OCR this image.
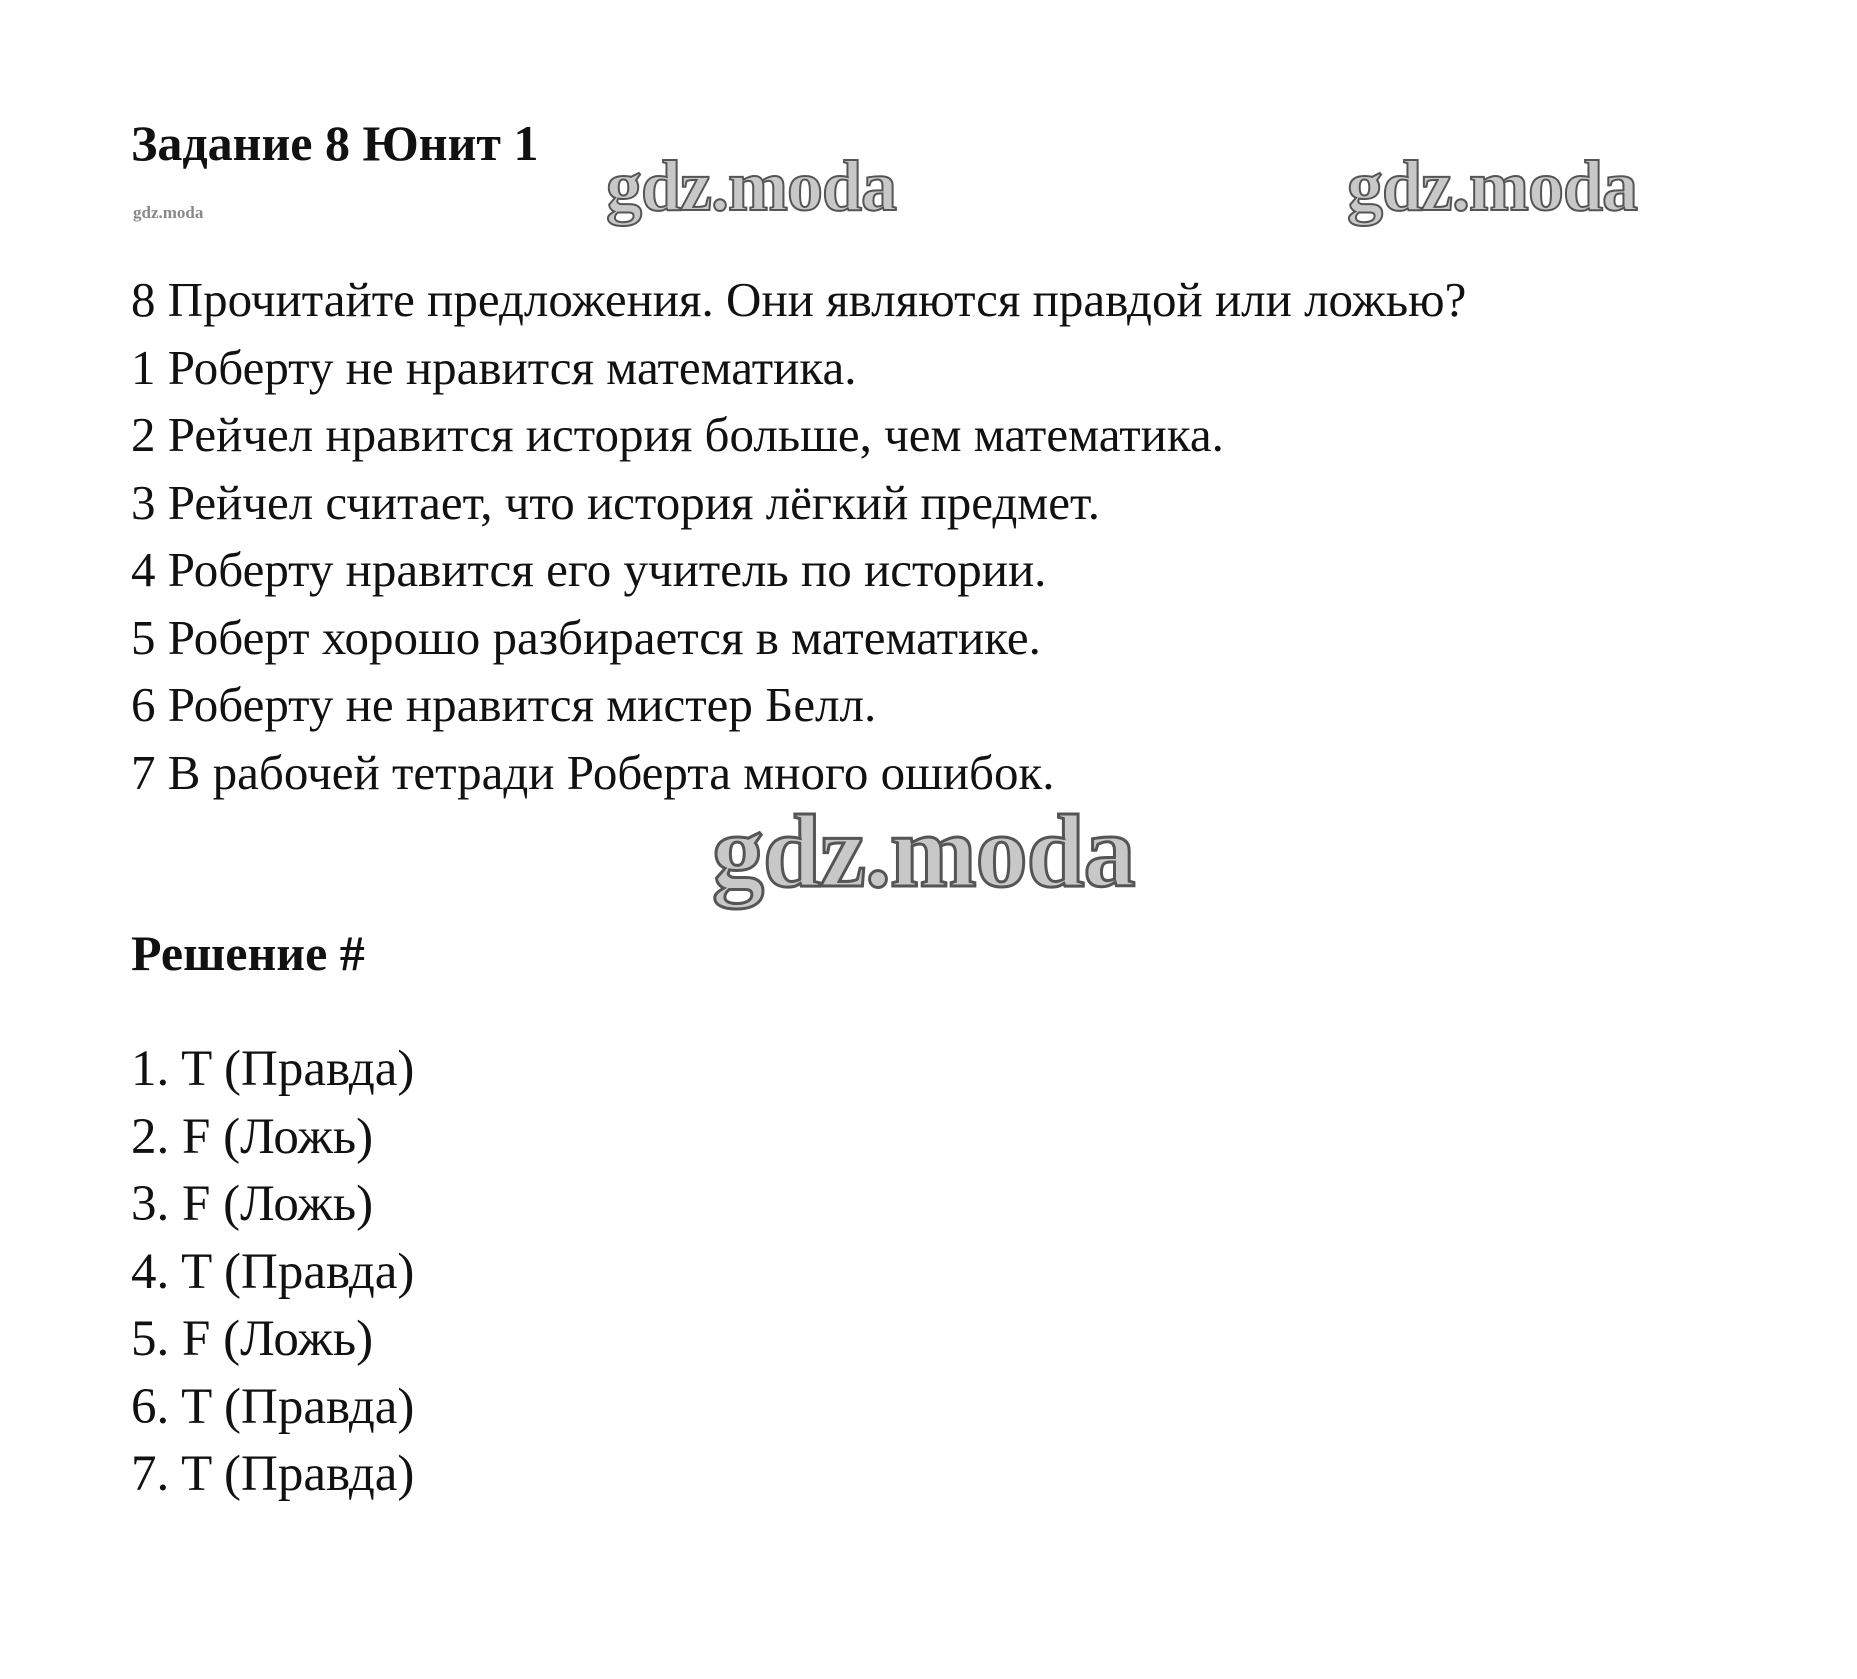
Задание 8 Юнит 1
gdz.moda	gdz.moda	gdz.moda
8 Прочитайте предложения. Они являются правдой или ложью?
1 Роберту не нравится математика.
2 Рейчел нравится история больше, чем математика.
3 Рейчел считает, что история лёгкий предмет.
4 Роберту нравится его учитель по истории.
5 Роберт хорошо разбирается в математике.
6 Роберту не нравится мистер Белл.
7 В рабочей тетради Роберта много ошибок.
gdz.moda
Решение #
1. T (Правда)
2. F (Ложь)
3. F (Ложь)
4. T (Правда)
5. F (Ложь)
6. T (Правда)
7. T (Правда)
